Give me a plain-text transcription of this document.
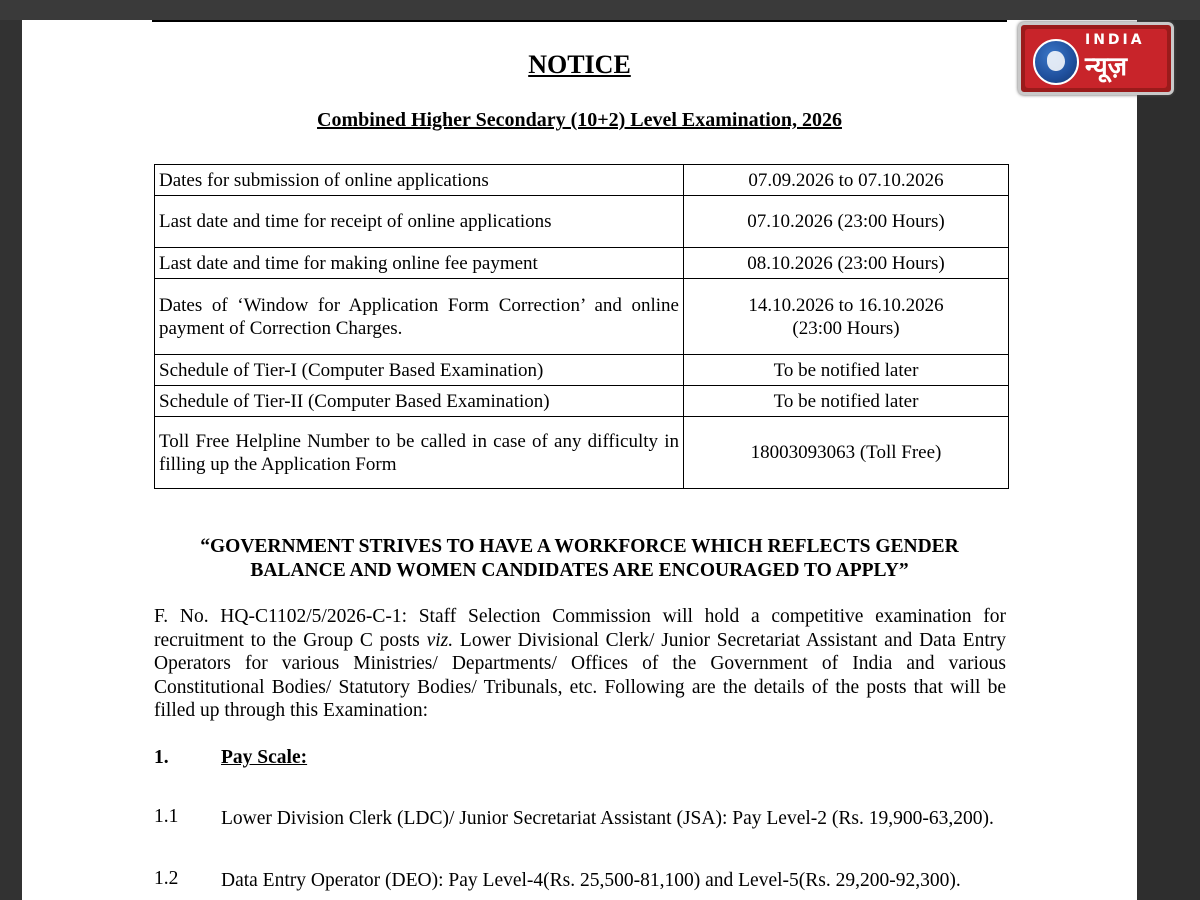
NOTICE
Combined Higher Secondary (10+2) Level Examination, 2026
Dates for submission of online applications	07.09.2026 to 07.10.2026
Last date and time for receipt of online applications	07.10.2026 (23:00 Hours)
Last date and time for making online fee payment	08.10.2026 (23:00 Hours)
Dates of ‘Window for Application Form Correction’ and online payment of Correction Charges.	14.10.2026 to 16.10.2026 (23:00 Hours)
Schedule of Tier-I (Computer Based Examination)	To be notified later
Schedule of Tier-II (Computer Based Examination)	To be notified later
Toll Free Helpline Number to be called in case of any difficulty in filling up the Application Form	18003093063 (Toll Free)
“GOVERNMENT STRIVES TO HAVE A WORKFORCE WHICH REFLECTS GENDER BALANCE AND WOMEN CANDIDATES ARE ENCOURAGED TO APPLY”
F. No. HQ-C1102/5/2026-C-1: Staff Selection Commission will hold a competitive examination for recruitment to the Group C posts viz. Lower Divisional Clerk/ Junior Secretariat Assistant and Data Entry Operators for various Ministries/ Departments/ Offices of the Government of India and various Constitutional Bodies/ Statutory Bodies/ Tribunals, etc. Following are the details of the posts that will be filled up through this Examination:
1.	Pay Scale:
1.1 Lower Division Clerk (LDC)/ Junior Secretariat Assistant (JSA): Pay Level-2 (Rs. 19,900-63,200).
1.2 Data Entry Operator (DEO): Pay Level-4(Rs. 25,500-81,100) and Level-5(Rs. 29,200-92,300).
INDIA
न्यूज़
